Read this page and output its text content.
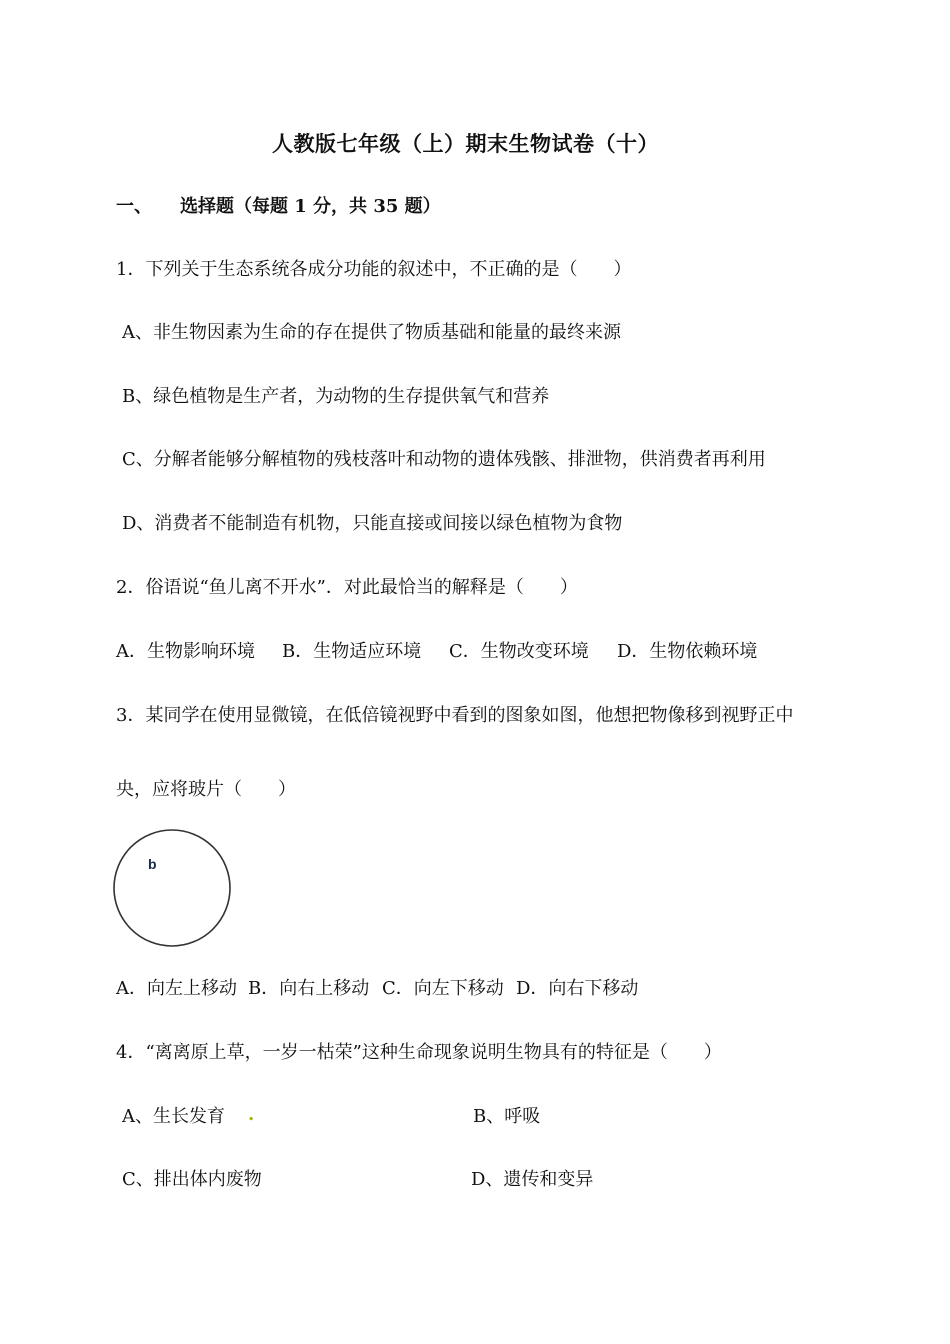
人教版七年级（上）期末生物试卷（十）
一、 选择题（每题 1 分，共 35 题）
1．下列关于生态系统各成分功能的叙述中，不正确的是（　　）
A、非生物因素为生命的存在提供了物质基础和能量的最终来源
B、绿色植物是生产者，为动物的生存提供氧气和营养
C、分解者能够分解植物的残枝落叶和动物的遗体残骸、排泄物，供消费者再利用
D、消费者不能制造有机物，只能直接或间接以绿色植物为食物
2．俗语说“鱼儿离不开水”．对此最恰当的解释是（　　）
A．生物影响环境 B．生物适应环境 C．生物改变环境 D．生物依赖环境
3．某同学在使用显微镜，在低倍镜视野中看到的图象如图，他想把物像移到视野正中
央，应将玻片（　　）
b
A．向左上移动 B．向右上移动 C．向左下移动 D．向右下移动
4．“离离原上草，一岁一枯荣”这种生命现象说明生物具有的特征是（　　）
A、生长发育 .	B、呼吸
C、排出体内废物	D、遗传和变异
